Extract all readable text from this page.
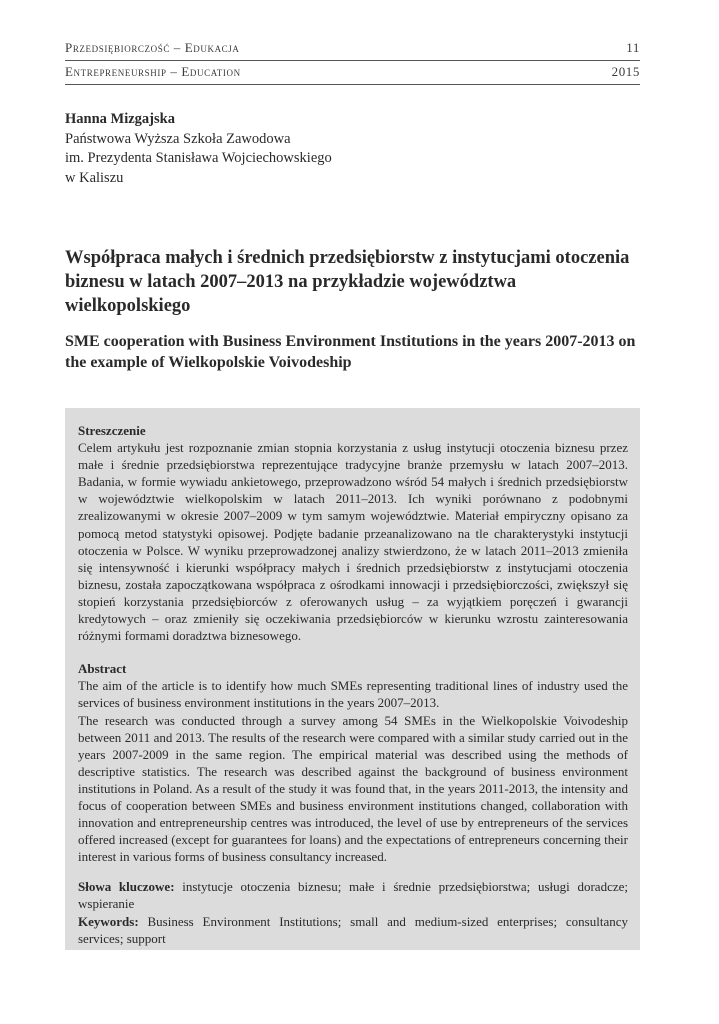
Przedsiębiorczość – Edukacja	11
Entrepreneurship – Education	2015
Hanna Mizgajska
Państwowa Wyższa Szkoła Zawodowa
im. Prezydenta Stanisława Wojciechowskiego
w Kaliszu
Współpraca małych i średnich przedsiębiorstw z instytucjami otoczenia biznesu w latach 2007–2013 na przykładzie województwa wielkopolskiego
SME cooperation with Business Environment Institutions in the years 2007-2013 on the example of Wielkopolskie Voivodeship

Streszczenie

Celem artykułu jest rozpoznanie zmian stopnia korzystania z usług instytucji otoczenia biznesu przez małe i średnie przedsiębiorstwa reprezentujące tradycyjne branże przemysłu w latach 2007–2013. Badania, w formie wywiadu ankietowego, przeprowadzono wśród 54 małych i średnich przedsiębiorstw w województwie wielkopolskim w latach 2011–2013. Ich wyniki porównano z podobnymi zrealizowanymi w okresie 2007–2009 w tym samym województwie. Materiał empiryczny opisano za pomocą metod statystyki opisowej. Podjęte badanie przeanalizowano na tle charakterystyki instytucji otoczenia w Polsce. W wyniku przeprowadzonej analizy stwierdzono, że w latach 2011–2013 zmieniła się intensywność i kierunki współpracy małych i średnich przedsiębiorstw z instytucjami otoczenia biznesu, została zapoczątkowana współpraca z ośrodkami innowacji i przedsiębiorczości, zwiększył się stopień korzystania przedsiębiorców z oferowanych usług – za wyjątkiem poręczeń i gwarancji kredytowych – oraz zmieniły się oczekiwania przedsiębiorców w kierunku wzrostu zainteresowania różnymi formami doradztwa biznesowego.

Abstract

The aim of the article is to identify how much SMEs representing traditional lines of industry used the services of business environment institutions in the years 2007–2013.

The research was conducted through a survey among 54 SMEs in the Wielkopolskie Voivodeship between 2011 and 2013. The results of the research were compared with a similar study carried out in the years 2007-2009 in the same region. The empirical material was described using the methods of descriptive statistics. The research was described against the background of business environment institutions in Poland. As a result of the study it was found that, in the years 2011-2013, the intensity and focus of cooperation between SMEs and business environment institutions changed, collaboration with innovation and entrepreneurship centres was introduced, the level of use by entrepreneurs of the services offered increased (except for guarantees for loans) and the expectations of entrepreneurs concerning their interest in various forms of business consultancy increased.

Słowa kluczowe: instytucje otoczenia biznesu; małe i średnie przedsiębiorstwa; usługi doradcze; wspieranie

Keywords: Business Environment Institutions; small and medium-sized enterprises; consultancy services; support
